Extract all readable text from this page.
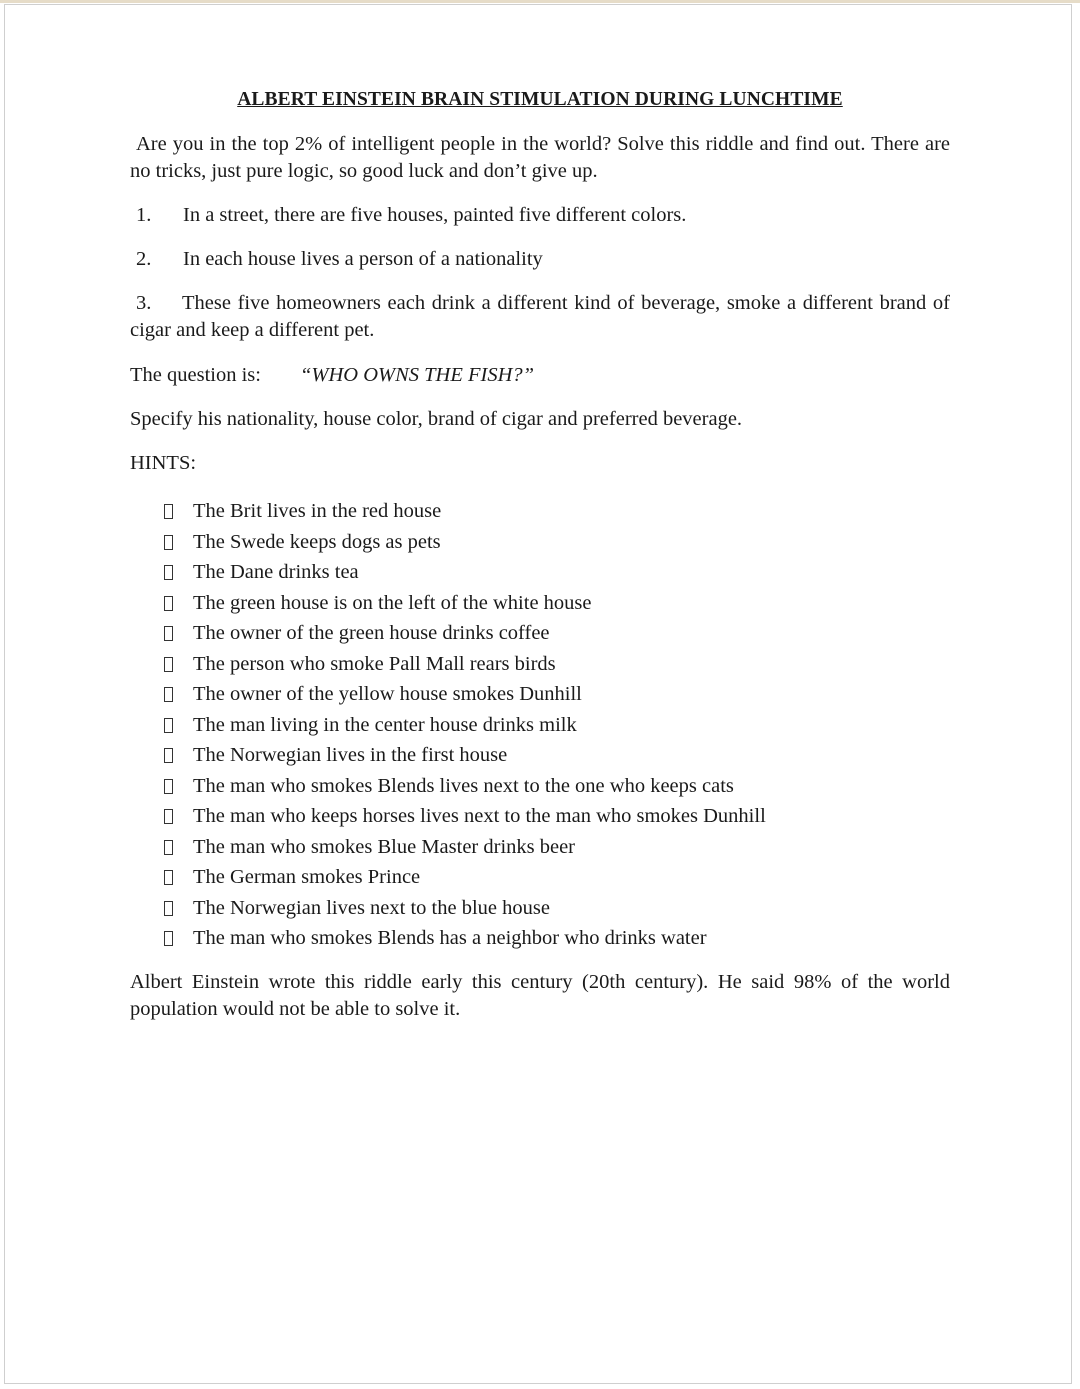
ALBERT EINSTEIN BRAIN STIMULATION DURING LUNCHTIME
Are you in the top 2% of intelligent people in the world? Solve this riddle and find out. There are no tricks, just pure logic, so good luck and don’t give up.
1. In a street, there are five houses, painted five different colors.
2. In each house lives a person of a nationality
3. These five homeowners each drink a different kind of beverage, smoke a different brand of cigar and keep a different pet.
The question is: “WHO OWNS THE FISH?”
Specify his nationality, house color, brand of cigar and preferred beverage.
HINTS:
The Brit lives in the red house
The Swede keeps dogs as pets
The Dane drinks tea
The green house is on the left of the white house
The owner of the green house drinks coffee
The person who smoke Pall Mall rears birds
The owner of the yellow house smokes Dunhill
The man living in the center house drinks milk
The Norwegian lives in the first house
The man who smokes Blends lives next to the one who keeps cats
The man who keeps horses lives next to the man who smokes Dunhill
The man who smokes Blue Master drinks beer
The German smokes Prince
The Norwegian lives next to the blue house
The man who smokes Blends has a neighbor who drinks water
Albert Einstein wrote this riddle early this century (20th century). He said 98% of the world population would not be able to solve it.
